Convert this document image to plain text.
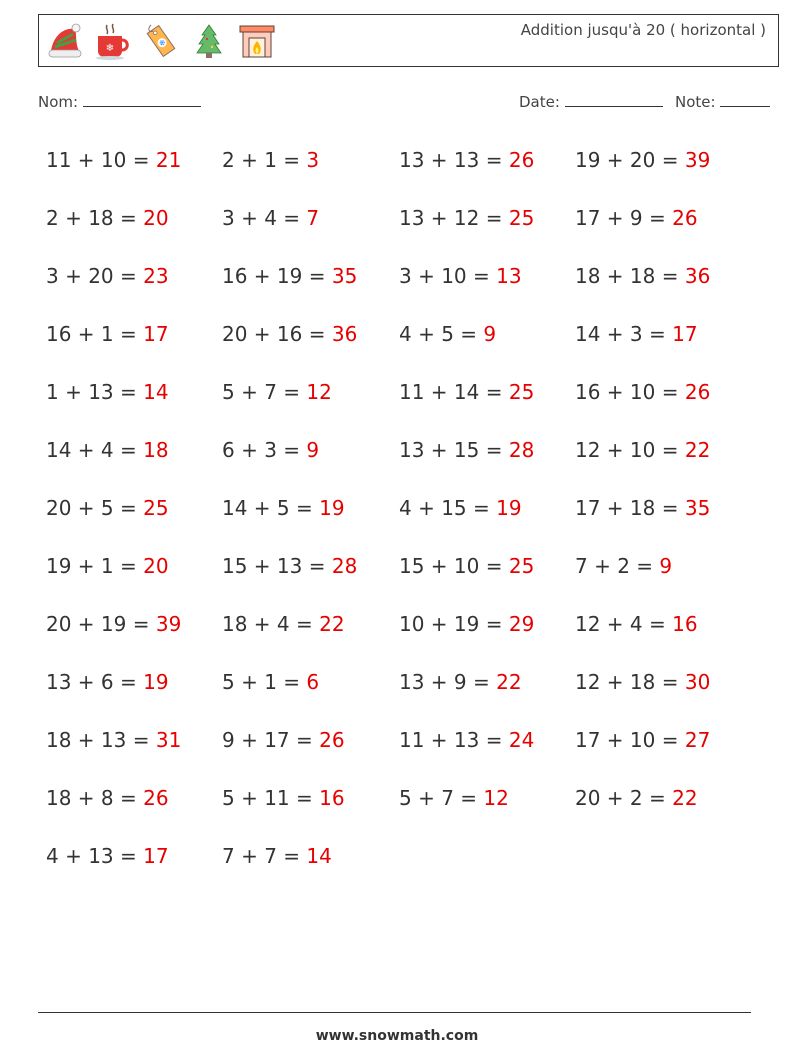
❄	❄
Addition jusqu'à 20 ( horizontal )
Nom:	Date:	Note:
11 + 10 = 21 2 + 1 = 3	13 + 13 = 26 19 + 20 = 39
2 + 18 = 20	3 + 4 = 7	13 + 12 = 25 17 + 9 = 26
3 + 20 = 23	16 + 19 = 35 3 + 10 = 13	18 + 18 = 36
16 + 1 = 17	20 + 16 = 36 4 + 5 = 9	14 + 3 = 17
1 + 13 = 14	5 + 7 = 12	11 + 14 = 25 16 + 10 = 26
14 + 4 = 18	6 + 3 = 9	13 + 15 = 28 12 + 10 = 22
20 + 5 = 25	14 + 5 = 19	4 + 15 = 19	17 + 18 = 35
19 + 1 = 20	15 + 13 = 28 15 + 10 = 25 7 + 2 = 9
20 + 19 = 39 18 + 4 = 22	10 + 19 = 29 12 + 4 = 16
13 + 6 = 19	5 + 1 = 6	13 + 9 = 22	12 + 18 = 30
18 + 13 = 31 9 + 17 = 26	11 + 13 = 24 17 + 10 = 27
18 + 8 = 26	5 + 11 = 16	5 + 7 = 12	20 + 2 = 22
4 + 13 = 17	7 + 7 = 14
www.snowmath.com
